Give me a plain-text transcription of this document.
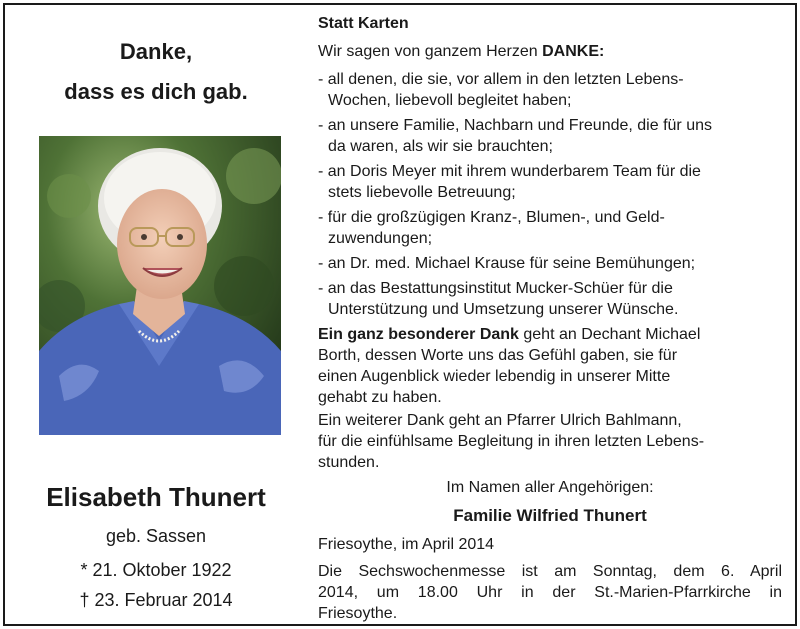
Danke,
dass es dich gab.
Elisabeth Thunert
geb. Sassen
* 21. Oktober 1922
† 23. Februar 2014
Statt Karten
Wir sagen von ganzem Herzen DANKE:
- all denen, die sie, vor allem in den letzten Lebens-
Wochen, liebevoll begleitet haben;
- an unsere Familie, Nachbarn und Freunde, die für uns
da waren, als wir sie brauchten;
- an Doris Meyer mit ihrem wunderbarem Team für die
stets liebevolle Betreuung;
- für die großzügigen Kranz-, Blumen-, und Geld-
zuwendungen;
- an Dr. med. Michael Krause für seine Bemühungen;
- an das Bestattungsinstitut Mucker-Schüer für die
Unterstützung und Umsetzung unserer Wünsche.
Ein ganz besonderer Dank geht an Dechant Michael
Borth, dessen Worte uns das Gefühl gaben, sie für
einen Augenblick wieder lebendig in unserer Mitte
gehabt zu haben.
Ein weiterer Dank geht an Pfarrer Ulrich Bahlmann,
für die einfühlsame Begleitung in ihren letzten Lebens-
stunden.
Im Namen aller Angehörigen:
Familie Wilfried Thunert
Friesoythe, im April 2014
Die Sechswochenmesse ist am Sonntag, dem 6. April
2014, um 18.00 Uhr in der St.-Marien-Pfarrkirche in
Friesoythe.
